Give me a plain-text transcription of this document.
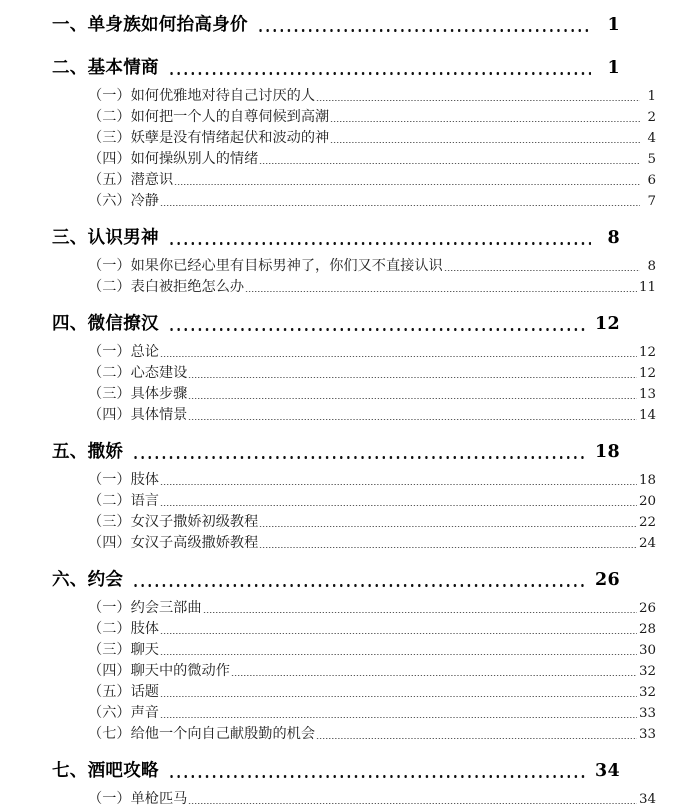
一、单身族如何抬高身价	1
二、基本情商	1
（一）如何优雅地对待自己讨厌的人	1
（二）如何把一个人的自尊伺候到高潮	2
（三）妖孽是没有情绪起伏和波动的神	4
（四）如何操纵别人的情绪	5
（五）潜意识	6
（六）冷静	7
三、认识男神	8
（一）如果你已经心里有目标男神了，你们又不直接认识	8
（二）表白被拒绝怎么办	11
四、微信撩汉	12
（一）总论	12
（二）心态建设	12
（三）具体步骤	13
（四）具体情景	14
五、撒娇	18
（一）肢体	18
（二）语言	20
（三）女汉子撒娇初级教程	22
（四）女汉子高级撒娇教程	24
六、约会	26
（一）约会三部曲	26
（二）肢体	28
（三）聊天	30
（四）聊天中的微动作	32
（五）话题	32
（六）声音	33
（七）给他一个向自己献殷勤的机会	33
七、酒吧攻略	34
（一）单枪匹马	34
